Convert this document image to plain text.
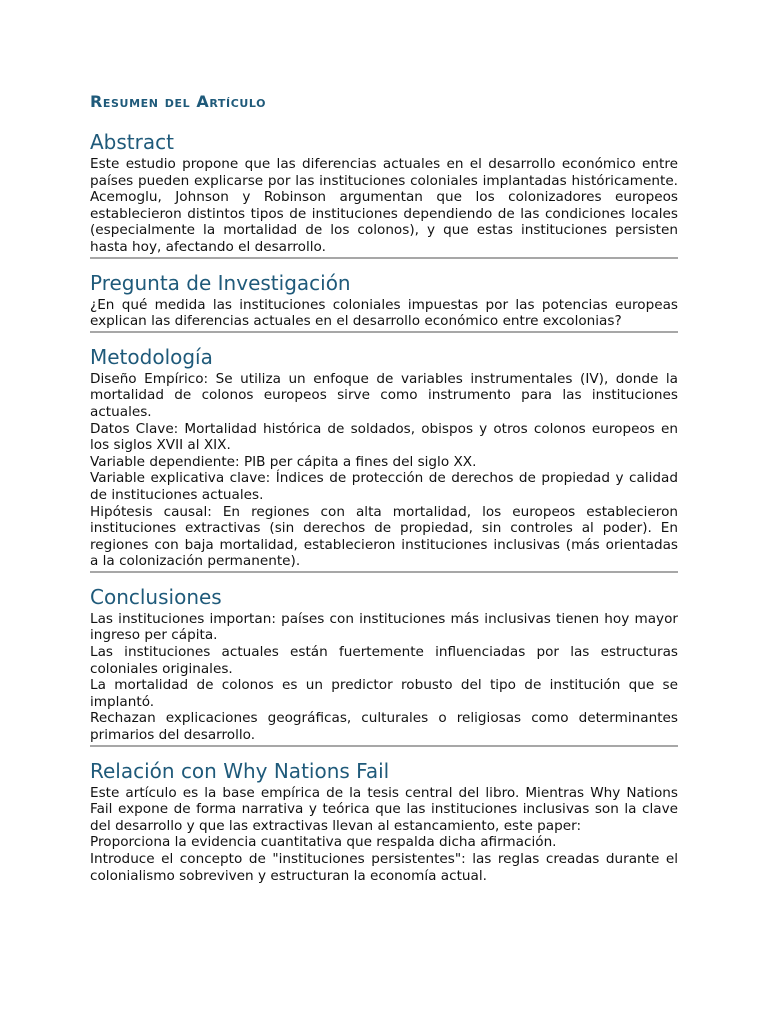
Resumen del Artículo
Abstract

Este estudio propone que las diferencias actuales en el desarrollo económico entre países pueden explicarse por las instituciones coloniales implantadas históricamente. Acemoglu, Johnson y Robinson argumentan que los colonizadores europeos establecieron distintos tipos de instituciones dependiendo de las condiciones locales (especialmente la mortalidad de los colonos), y que estas instituciones persisten hasta hoy, afectando el desarrollo.

Pregunta de Investigación

¿En qué medida las instituciones coloniales impuestas por las potencias europeas explican las diferencias actuales en el desarrollo económico entre excolonias?

Metodología

Diseño Empírico: Se utiliza un enfoque de variables instrumentales (IV), donde la mortalidad de colonos europeos sirve como instrumento para las instituciones actuales.

Datos Clave: Mortalidad histórica de soldados, obispos y otros colonos europeos en los siglos XVII al XIX.

Variable dependiente: PIB per cápita a fines del siglo XX.

Variable explicativa clave: Índices de protección de derechos de propiedad y calidad de instituciones actuales.

Hipótesis causal: En regiones con alta mortalidad, los europeos establecieron instituciones extractivas (sin derechos de propiedad, sin controles al poder). En regiones con baja mortalidad, establecieron instituciones inclusivas (más orientadas a la colonización permanente).

Conclusiones

Las instituciones importan: países con instituciones más inclusivas tienen hoy mayor ingreso per cápita.

Las instituciones actuales están fuertemente influenciadas por las estructuras coloniales originales.

La mortalidad de colonos es un predictor robusto del tipo de institución que se implantó.

Rechazan explicaciones geográficas, culturales o religiosas como determinantes primarios del desarrollo.

Relación con Why Nations Fail

Este artículo es la base empírica de la tesis central del libro. Mientras Why Nations Fail expone de forma narrativa y teórica que las instituciones inclusivas son la clave del desarrollo y que las extractivas llevan al estancamiento, este paper:

Proporciona la evidencia cuantitativa que respalda dicha afirmación.

Introduce el concepto de "instituciones persistentes": las reglas creadas durante el colonialismo sobreviven y estructuran la economía actual.
